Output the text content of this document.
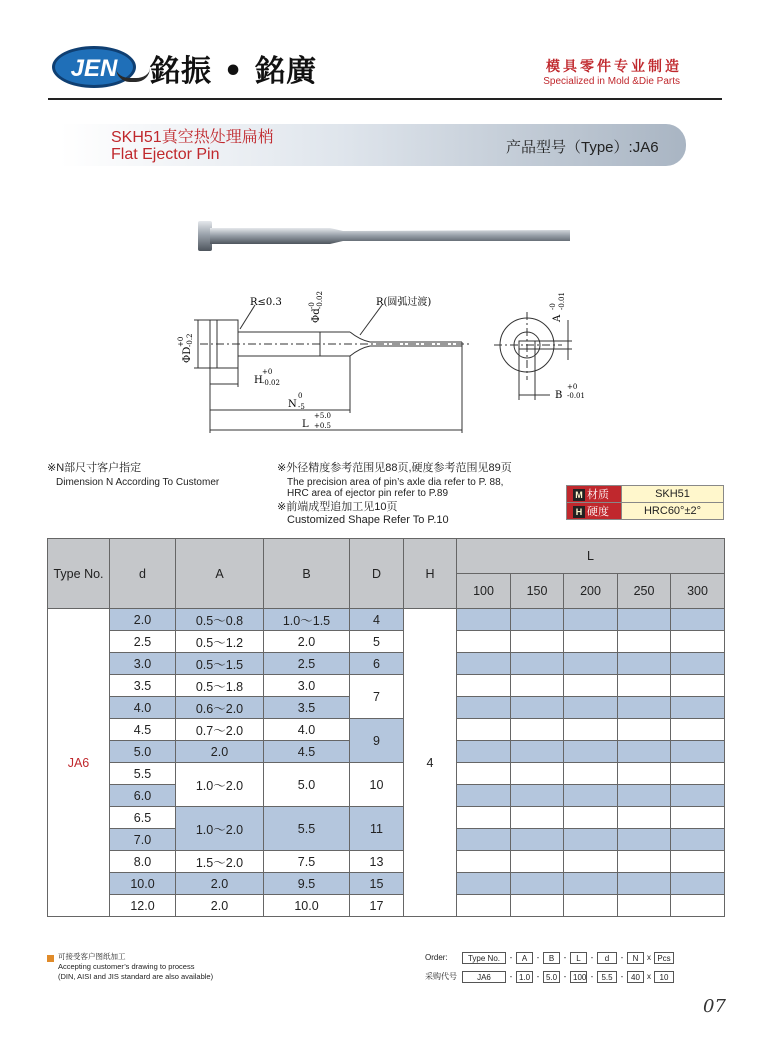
JEN	銘振 • 銘廣	模具零件专业制造
Specialized in Mold &Die Parts
SKH51真空热处理扁梢
Flat Ejector Pin	产品型号（Type）:JA6
R≤0.3	R(圆弧过渡)
Φd
-0 -0.02
ΦD
+0 -0.2
H
+0
-0.02
N
0
-5
L
+5.0
+0.5
A
-0 -0.01
B
+0
-0.01
※N部尺寸客户指定
Dimension N According To Customer
※外径精度参考范围见88页,硬度参考范围见89页
The precision area of pin’s axle dia refer to P. 88,
HRC area of ejector pin refer to P.89
※前端成型追加工见10页
Customized Shape Refer To P.10
M 材质	SKH51
H 硬度	HRC60°±2°
Type No.	d	A	B	D	H	L				
						100	150	200	250	300
JA6	2.0	0.5～0.8	1.0～1.5	4	4					
	2.5	0.5～1.2	2.0	5						
	3.0	0.5～1.5	2.5	6						
	3.5	0.5～1.8	3.0	7						
	4.0	0.6～2.0	3.5							
	4.5	0.7～2.0	4.0	9						
	5.0	2.0	4.5							
	5.5	1.0～2.0	5.0	10						
	6.0									
	6.5	1.0～2.0	5.5	11						
	7.0									
	8.0	1.5～2.0	7.5	13						
	10.0	2.0	9.5	15						
	12.0	2.0	10.0	17						
可接受客户图纸加工
Accepting customer’s drawing to process
(DIN, AISI and JIS standard are also available)
Order:	Type No.	-	A	-	B	-	L	-	d	-	N	x Pcs
采购代号	JA6	- 1.0 - 5.0 - 100 -	5.5	- 40 x	10
07
